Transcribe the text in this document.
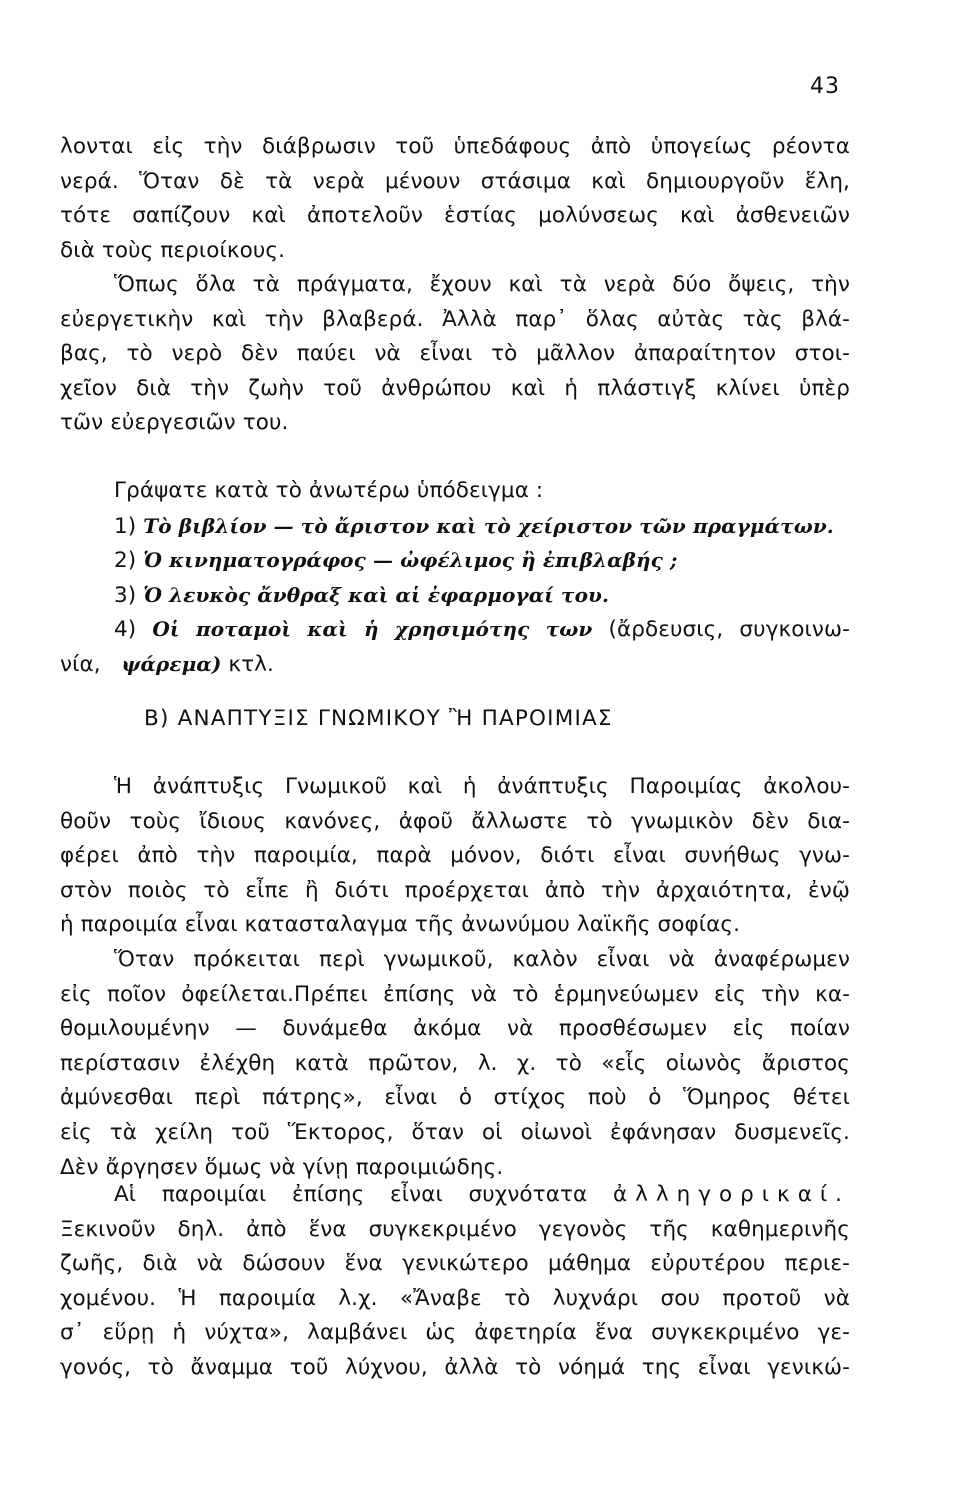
43
λονται εἰς τὴν διάβρωσιν τοῦ ὑπεδάφους ἀπὸ ὑπογείως ρέοντα
νερά. Ὅταν δὲ τὰ νερὰ μένουν στάσιμα καὶ δημιουργοῦν ἕλη,
τότε σαπίζουν καὶ ἀποτελοῦν ἑστίας μολύνσεως καὶ ἀσθενειῶν
διὰ τοὺς περιοίκους.
Ὅπως ὅλα τὰ πράγματα, ἔχουν καὶ τὰ νερὰ δύο ὄψεις, τὴν
εὐεργετικὴν καὶ τὴν βλαβερά. Ἀλλὰ παρ᾽ ὅλας αὐτὰς τὰς βλά-
βας, τὸ νερὸ δὲν παύει νὰ εἶναι τὸ μᾶλλον ἀπαραίτητον στοι-
χεῖον διὰ τὴν ζωὴν τοῦ ἀνθρώπου καὶ ἡ πλάστιγξ κλίνει ὑπὲρ
τῶν εὐεργεσιῶν του.
Γράψατε κατὰ τὸ ἀνωτέρω ὑπόδειγμα :
1) Τὸ βιβλίον — τὸ ἄριστον καὶ τὸ χείριστον τῶν πραγμάτων.
2) Ὁ κινηματογράφος — ὠφέλιμος ἢ ἐπιβλαβής ;
3) Ὁ λευκὸς ἄνθραξ καὶ αἱ ἐφαρμογαί του.
4) Οἱ ποταμοὶ καὶ ἡ χρησιμότης των (ἄρδευσις, συγκοινω-
νία, ψάρεμα) κτλ.
Β) ΑΝΑΠΤΥΞΙΣ ΓΝΩΜΙΚΟΥ Ἢ ΠΑΡΟΙΜΙΑΣ
Ἡ ἀνάπτυξις Γνωμικοῦ καὶ ἡ ἀνάπτυξις Παροιμίας ἀκολου-
θοῦν τοὺς ἴδιους κανόνες, ἀφοῦ ἄλλωστε τὸ γνωμικὸν δὲν δια-
φέρει ἀπὸ τὴν παροιμία, παρὰ μόνον, διότι εἶναι συνήθως γνω-
στὸν ποιὸς τὸ εἶπε ἢ διότι προέρχεται ἀπὸ τὴν ἀρχαιότητα, ἐνῷ
ἡ παροιμία εἶναι κατασταλαγμα τῆς ἀνωνύμου λαϊκῆς σοφίας.
Ὅταν πρόκειται περὶ γνωμικοῦ, καλὸν εἶναι νὰ ἀναφέρωμεν
εἰς ποῖον ὀφείλεται.Πρέπει ἐπίσης νὰ τὸ ἑρμηνεύωμεν εἰς τὴν κα-
θομιλουμένην — δυνάμεθα ἀκόμα νὰ προσθέσωμεν εἰς ποίαν
περίστασιν ἐλέχθη κατὰ πρῶτον, λ. χ. τὸ «εἷς οἰωνὸς ἄριστος
ἀμύνεσθαι περὶ πάτρης», εἶναι ὁ στίχος ποὺ ὁ Ὅμηρος θέτει
εἰς τὰ χείλη τοῦ Ἕκτορος, ὅταν οἱ οἰωνοὶ ἐφάνησαν δυσμενεῖς.
Δὲν ἄργησεν ὅμως νὰ γίνῃ παροιμιώδης.
Αἱ παροιμίαι ἐπίσης εἶναι συχνότατα ἀλληγορικαί.
Ξεκινοῦν δηλ. ἀπὸ ἕνα συγκεκριμένο γεγονὸς τῆς καθημερινῆς
ζωῆς, διὰ νὰ δώσουν ἕνα γενικώτερο μάθημα εὐρυτέρου περιε-
χομένου. Ἡ παροιμία λ.χ. «Ἄναβε τὸ λυχνάρι σου προτοῦ νὰ
σ᾽ εὕρῃ ἡ νύχτα», λαμβάνει ὡς ἀφετηρία ἕνα συγκεκριμένο γε-
γονός, τὸ ἄναμμα τοῦ λύχνου, ἀλλὰ τὸ νόημά της εἶναι γενικώ-
